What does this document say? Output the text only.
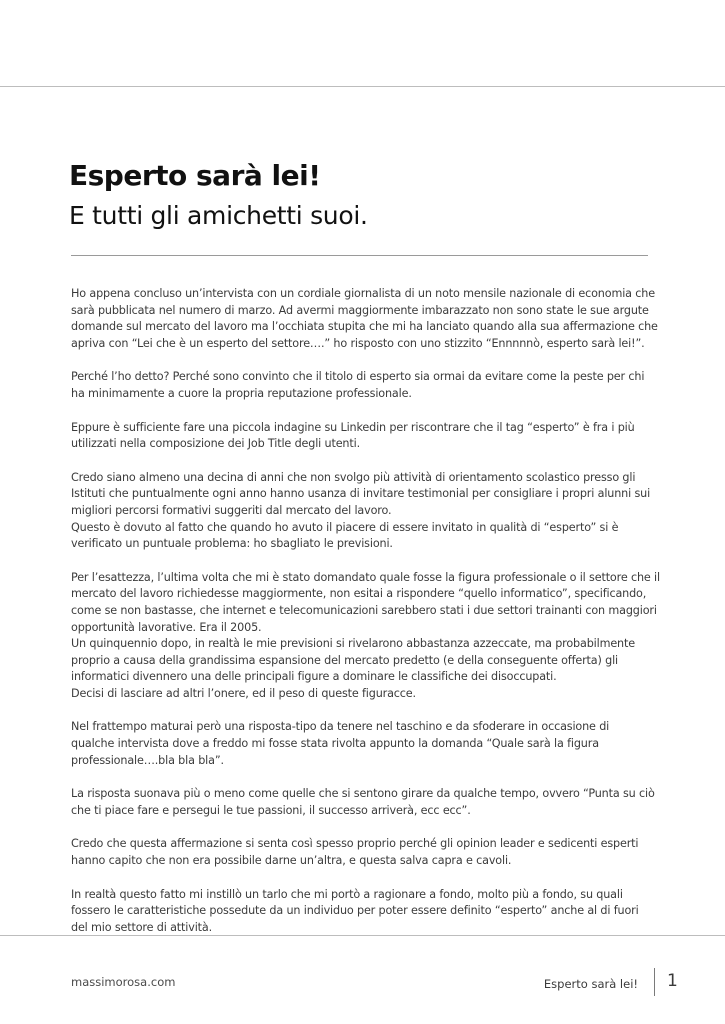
Esperto sarà lei!
E tutti gli amichetti suoi.

Ho appena concluso un’intervista con un cordiale giornalista di un noto mensile nazionale di economia che
sarà pubblicata nel numero di marzo. Ad avermi maggiormente imbarazzato non sono state le sue argute
domande sul mercato del lavoro ma l’occhiata stupita che mi ha lanciato quando alla sua affermazione che
apriva con “Lei che è un esperto del settore….” ho risposto con uno stizzito “Ennnnnò, esperto sarà lei!”.

Perché l’ho detto? Perché sono convinto che il titolo di esperto sia ormai da evitare come la peste per chi
ha minimamente a cuore la propria reputazione professionale.

Eppure è sufficiente fare una piccola indagine su Linkedin per riscontrare che il tag “esperto” è fra i più
utilizzati nella composizione dei Job Title degli utenti.

Credo siano almeno una decina di anni che non svolgo più attività di orientamento scolastico presso gli
Istituti che puntualmente ogni anno hanno usanza di invitare testimonial per consigliare i propri alunni sui
migliori percorsi formativi suggeriti dal mercato del lavoro.
Questo è dovuto al fatto che quando ho avuto il piacere di essere invitato in qualità di “esperto” si è
verificato un puntuale problema: ho sbagliato le previsioni.

Per l’esattezza, l’ultima volta che mi è stato domandato quale fosse la figura professionale o il settore che il
mercato del lavoro richiedesse maggiormente, non esitai a rispondere “quello informatico”, specificando,
come se non bastasse, che internet e telecomunicazioni sarebbero stati i due settori trainanti con maggiori
opportunità lavorative. Era il 2005.
Un quinquennio dopo, in realtà le mie previsioni si rivelarono abbastanza azzeccate, ma probabilmente
proprio a causa della grandissima espansione del mercato predetto (e della conseguente offerta) gli
informatici divennero una delle principali figure a dominare le classifiche dei disoccupati.
Decisi di lasciare ad altri l’onere, ed il peso di queste figuracce.

Nel frattempo maturai però una risposta-tipo da tenere nel taschino e da sfoderare in occasione di
qualche intervista dove a freddo mi fosse stata rivolta appunto la domanda “Quale sarà la figura
professionale….bla bla bla”.

La risposta suonava più o meno come quelle che si sentono girare da qualche tempo, ovvero “Punta su ciò
che ti piace fare e persegui le tue passioni, il successo arriverà, ecc ecc”.

Credo che questa affermazione si senta così spesso proprio perché gli opinion leader e sedicenti esperti
hanno capito che non era possibile darne un’altra, e questa salva capra e cavoli.

In realtà questo fatto mi instillò un tarlo che mi portò a ragionare a fondo, molto più a fondo, su quali
fossero le caratteristiche possedute da un individuo per poter essere definito “esperto” anche al di fuori
del mio settore di attività.

massimorosa.com	Esperto sarà lei! 1
